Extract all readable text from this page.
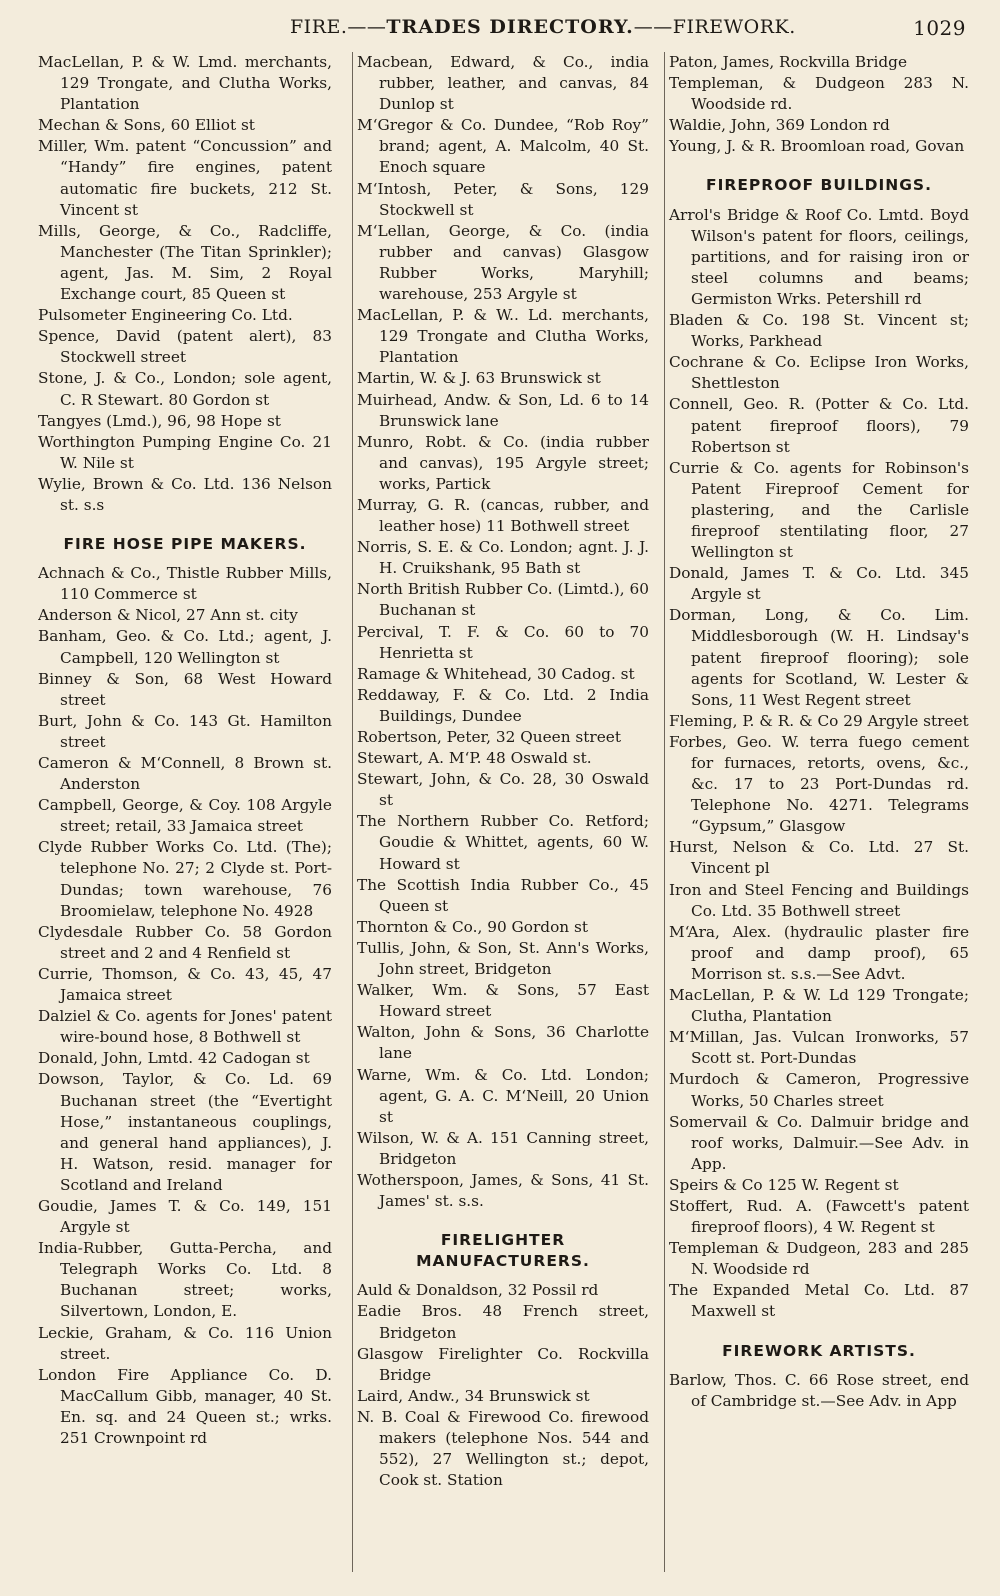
FIRE.——TRADES DIRECTORY.——FIREWORK.	1029
MacLellan, P. & W. Lmd. merchants, 129 Trongate, and Clutha Works, Plantation
Mechan & Sons, 60 Elliot st
Miller, Wm. patent “Concussion” and “Handy” fire engines, patent automatic fire buckets, 212 St. Vincent st
Mills, George, & Co., Radcliffe, Manchester (The Titan Sprinkler); agent, Jas. M. Sim, 2 Royal Exchange court, 85 Queen st
Pulsometer Engineering Co. Ltd.
Spence, David (patent alert), 83 Stockwell street
Stone, J. & Co., London; sole agent, C. R Stewart. 80 Gordon st
Tangyes (Lmd.), 96, 98 Hope st
Worthington Pumping Engine Co. 21 W. Nile st
Wylie, Brown & Co. Ltd. 136 Nelson st. s.s
FIRE HOSE PIPE MAKERS.
Achnach & Co., Thistle Rubber Mills, 110 Commerce st
Anderson & Nicol, 27 Ann st. city
Banham, Geo. & Co. Ltd.; agent, J. Campbell, 120 Wellington st
Binney & Son, 68 West Howard street
Burt, John & Co. 143 Gt. Hamilton street
Cameron & M‘Connell, 8 Brown st. Anderston
Campbell, George, & Coy. 108 Argyle street; retail, 33 Jamaica street
Clyde Rubber Works Co. Ltd. (The); telephone No. 27; 2 Clyde st. Port-Dundas; town warehouse, 76 Broomielaw, telephone No. 4928
Clydesdale Rubber Co. 58 Gordon street and 2 and 4 Renfield st
Currie, Thomson, & Co. 43, 45, 47 Jamaica street
Dalziel & Co. agents for Jones' patent wire-bound hose, 8 Bothwell st
Donald, John, Lmtd. 42 Cadogan st
Dowson, Taylor, & Co. Ld. 69 Buchanan street (the “Evertight Hose,” instantaneous couplings, and general hand appliances), J. H. Watson, resid. manager for Scotland and Ireland
Goudie, James T. & Co. 149, 151 Argyle st
India-Rubber, Gutta-Percha, and Telegraph Works Co. Ltd. 8 Buchanan street; works, Silvertown, London, E.
Leckie, Graham, & Co. 116 Union street.
London Fire Appliance Co. D. MacCallum Gibb, manager, 40 St. En. sq. and 24 Queen st.; wrks. 251 Crownpoint rd
Macbean, Edward, & Co., india rubber, leather, and canvas, 84 Dunlop st
M‘Gregor & Co. Dundee, “Rob Roy” brand; agent, A. Malcolm, 40 St. Enoch square
M‘Intosh, Peter, & Sons, 129 Stockwell st
M‘Lellan, George, & Co. (india rubber and canvas) Glasgow Rubber Works, Maryhill; warehouse, 253 Argyle st
MacLellan, P. & W.. Ld. merchants, 129 Trongate and Clutha Works, Plantation
Martin, W. & J. 63 Brunswick st
Muirhead, Andw. & Son, Ld. 6 to 14 Brunswick lane
Munro, Robt. & Co. (india rubber and canvas), 195 Argyle street; works, Partick
Murray, G. R. (cancas, rubber, and leather hose) 11 Bothwell street
Norris, S. E. & Co. London; agnt. J. J. H. Cruikshank, 95 Bath st
North British Rubber Co. (Limtd.), 60 Buchanan st
Percival, T. F. & Co. 60 to 70 Henrietta st
Ramage & Whitehead, 30 Cadog. st
Reddaway, F. & Co. Ltd. 2 India Buildings, Dundee
Robertson, Peter, 32 Queen street
Stewart, A. M‘P. 48 Oswald st.
Stewart, John, & Co. 28, 30 Oswald st
The Northern Rubber Co. Retford; Goudie & Whittet, agents, 60 W. Howard st
The Scottish India Rubber Co., 45 Queen st
Thornton & Co., 90 Gordon st
Tullis, John, & Son, St. Ann's Works, John street, Bridgeton
Walker, Wm. & Sons, 57 East Howard street
Walton, John & Sons, 36 Charlotte lane
Warne, Wm. & Co. Ltd. London; agent, G. A. C. M‘Neill, 20 Union st
Wilson, W. & A. 151 Canning street, Bridgeton
Wotherspoon, James, & Sons, 41 St. James' st. s.s.
FIRELIGHTER MANUFACTURERS.
Auld & Donaldson, 32 Possil rd
Eadie Bros. 48 French street, Bridgeton
Glasgow Firelighter Co. Rockvilla Bridge
Laird, Andw., 34 Brunswick st
N. B. Coal & Firewood Co. firewood makers (telephone Nos. 544 and 552), 27 Wellington st.; depot, Cook st. Station
Paton, James, Rockvilla Bridge
Templeman, & Dudgeon 283 N. Woodside rd.
Waldie, John, 369 London rd
Young, J. & R. Broomloan road, Govan
FIREPROOF BUILDINGS.
Arrol's Bridge & Roof Co. Lmtd. Boyd Wilson's patent for floors, ceilings, partitions, and for raising iron or steel columns and beams; Germiston Wrks. Petershill rd
Bladen & Co. 198 St. Vincent st; Works, Parkhead
Cochrane & Co. Eclipse Iron Works, Shettleston
Connell, Geo. R. (Potter & Co. Ltd. patent fireproof floors), 79 Robertson st
Currie & Co. agents for Robinson's Patent Fireproof Cement for plastering, and the Carlisle fireproof stentilating floor, 27 Wellington st
Donald, James T. & Co. Ltd. 345 Argyle st
Dorman, Long, & Co. Lim. Middlesborough (W. H. Lindsay's patent fireproof flooring); sole agents for Scotland, W. Lester & Sons, 11 West Regent street
Fleming, P. & R. & Co 29 Argyle street
Forbes, Geo. W. terra fuego cement for furnaces, retorts, ovens, &c., &c. 17 to 23 Port-Dundas rd. Telephone No. 4271. Telegrams “Gypsum,” Glasgow
Hurst, Nelson & Co. Ltd. 27 St. Vincent pl
Iron and Steel Fencing and Buildings Co. Ltd. 35 Bothwell street
M‘Ara, Alex. (hydraulic plaster fire proof and damp proof), 65 Morrison st. s.s.—See Advt.
MacLellan, P. & W. Ld 129 Trongate; Clutha, Plantation
M‘Millan, Jas. Vulcan Ironworks, 57 Scott st. Port-Dundas
Murdoch & Cameron, Progressive Works, 50 Charles street
Somervail & Co. Dalmuir bridge and roof works, Dalmuir.—See Adv. in App.
Speirs & Co 125 W. Regent st
Stoffert, Rud. A. (Fawcett's patent fireproof floors), 4 W. Regent st
Templeman & Dudgeon, 283 and 285 N. Woodside rd
The Expanded Metal Co. Ltd. 87 Maxwell st
FIREWORK ARTISTS.
Barlow, Thos. C. 66 Rose street, end of Cambridge st.—See Adv. in App
